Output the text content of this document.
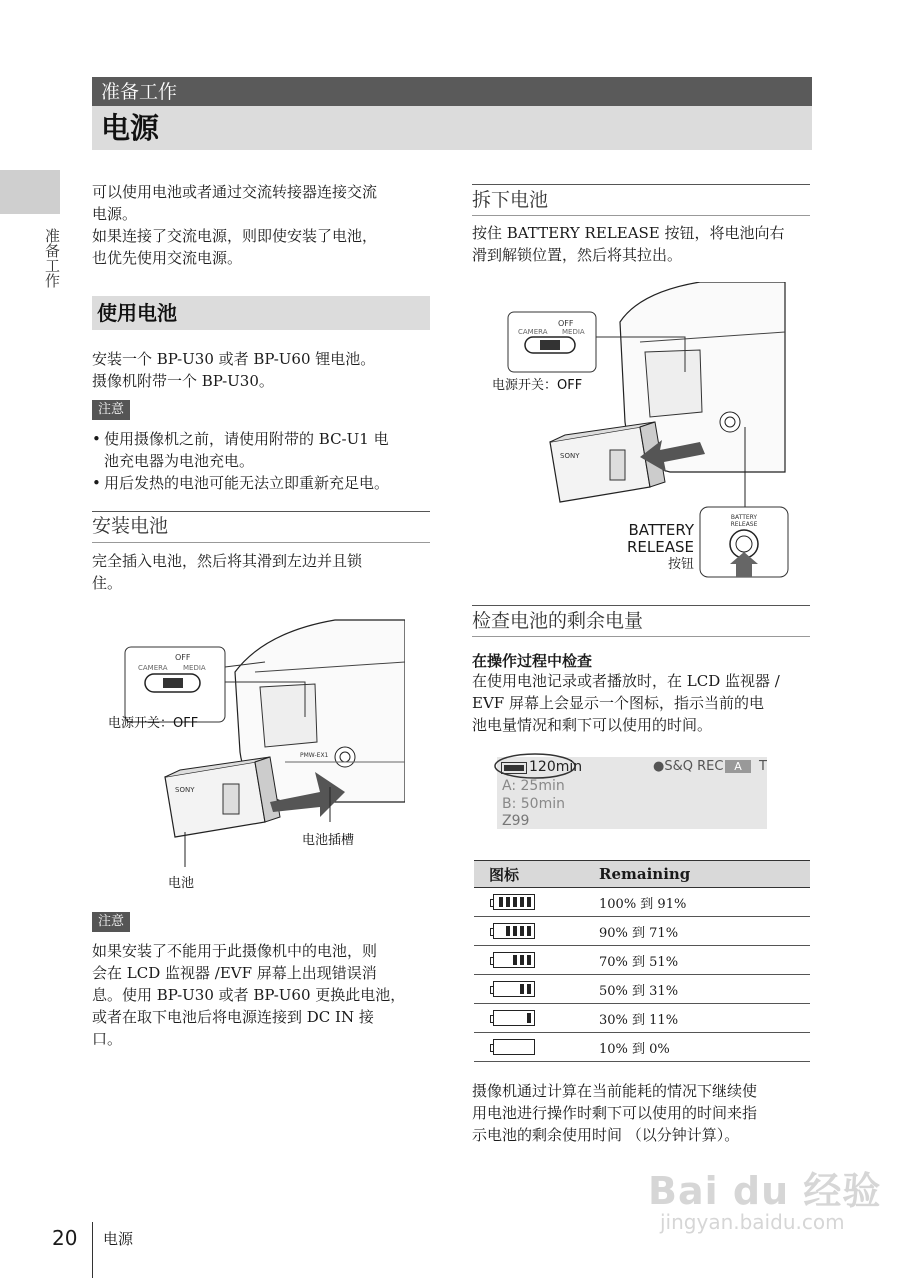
准备工作
电源
准备工作
可以使用电池或者通过交流转接器连接交流
电源。
如果连接了交流电源，则即使安装了电池，
也优先使用交流电源。
使用电池
安装一个 BP-U30 或者 BP-U60 锂电池。
摄像机附带一个 BP-U30。
注意
• 使用摄像机之前，请使用附带的 BC-U1 电
池充电器为电池充电。
• 用后发热的电池可能无法立即重新充足电。
安装电池
完全插入电池，然后将其滑到左边并且锁
住。
OFF
CAMERA MEDIA
SONY
PMW-EX1
电源开关：OFF
电池插槽
电池
注意
如果安装了不能用于此摄像机中的电池，则
会在 LCD 监视器 /EVF 屏幕上出现错误消
息。使用 BP-U30 或者 BP-U60 更换此电池，
或者在取下电池后将电源连接到 DC IN 接
口。
拆下电池
按住 BATTERY RELEASE 按钮，将电池向右
滑到解锁位置，然后将其拉出。
OFF
CAMERA MEDIA
SONY
BATTERY
RELEASE
电源开关：OFF
BATTERY
RELEASE
按钮
检查电池的剩余电量
在操作过程中检查
在使用电池记录或者播放时，在 LCD 监视器 /
EVF 屏幕上会显示一个图标，指示当前的电
池电量情况和剩下可以使用的时间。
120min	●S&Q REC A	T
A: 25min
B: 50min
Z99
图标	Remaining

	100% 到 91%

	90% 到 71%

	70% 到 51%

	50% 到 31%

	30% 到 11%
	10% 到 0%
摄像机通过计算在当前能耗的情况下继续使
用电池进行操作时剩下可以使用的时间来指
示电池的剩余使用时间 （以分钟计算）。
Bai du 经验
jingyan.baidu.com
20 电源
